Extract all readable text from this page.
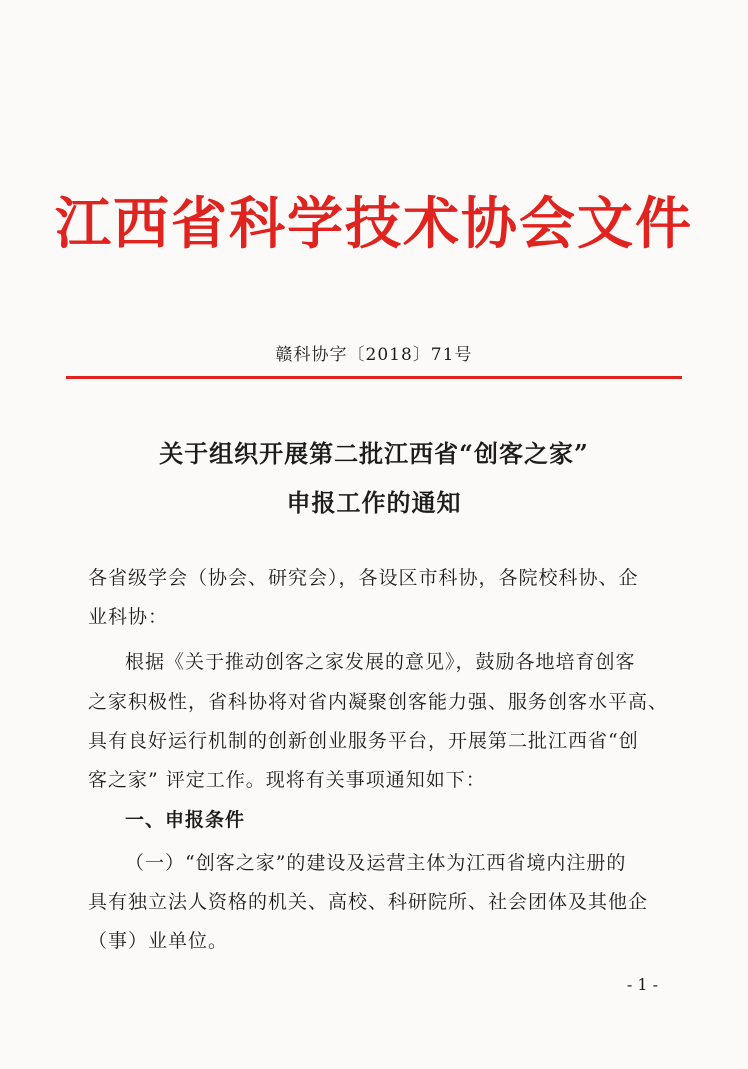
江西省科学技术协会文件
赣科协字〔2018〕71号
关于组织开展第二批江西省“创客之家”
申报工作的通知
各省级学会（协会、研究会），各设区市科协，各院校科协、企
业科协：
根据《关于推动创客之家发展的意见》，鼓励各地培育创客
之家积极性，省科协将对省内凝聚创客能力强、服务创客水平高、
具有良好运行机制的创新创业服务平台，开展第二批江西省“创
客之家” 评定工作。现将有关事项通知如下：
一、申报条件
（一）“创客之家”的建设及运营主体为江西省境内注册的
具有独立法人资格的机关、高校、科研院所、社会团体及其他企
（事）业单位。
- 1 -
